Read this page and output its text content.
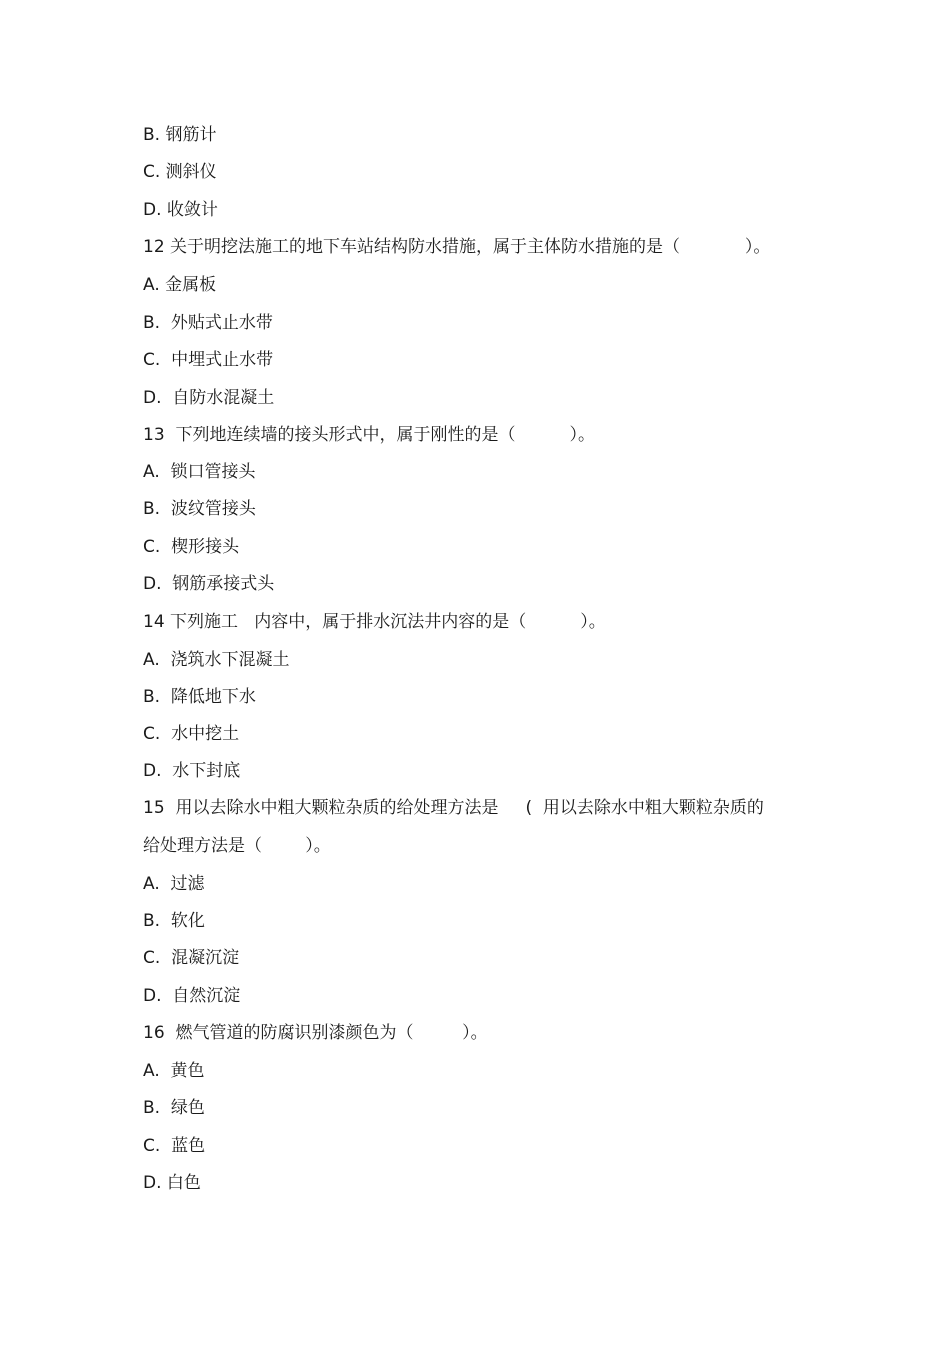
B. 钢筋计
C. 测斜仪
D. 收敛计
12 关于明挖法施工的地下车站结构防水措施，属于主体防水措施的是（            ）。
A. 金属板
B.  外贴式止水带
C.  中埋式止水带
D.  自防水混凝土
13  下列地连续墙的接头形式中，属于刚性的是（          ）。
A.  锁口管接头
B.  波纹管接头
C.  楔形接头
D.  钢筋承接式头
14 下列施工   内容中，属于排水沉法井内容的是（          ）。
A.  浇筑水下混凝土
B.  降低地下水
C.  水中挖土
D.  水下封底
15  用以去除水中粗大颗粒杂质的给处理方法是     (  用以去除水中粗大颗粒杂质的
给处理方法是（        ）。
A.  过滤
B.  软化
C.  混凝沉淀
D.  自然沉淀
16  燃气管道的防腐识别漆颜色为（         ）。
A.  黄色
B.  绿色
C.  蓝色
D. 白色
